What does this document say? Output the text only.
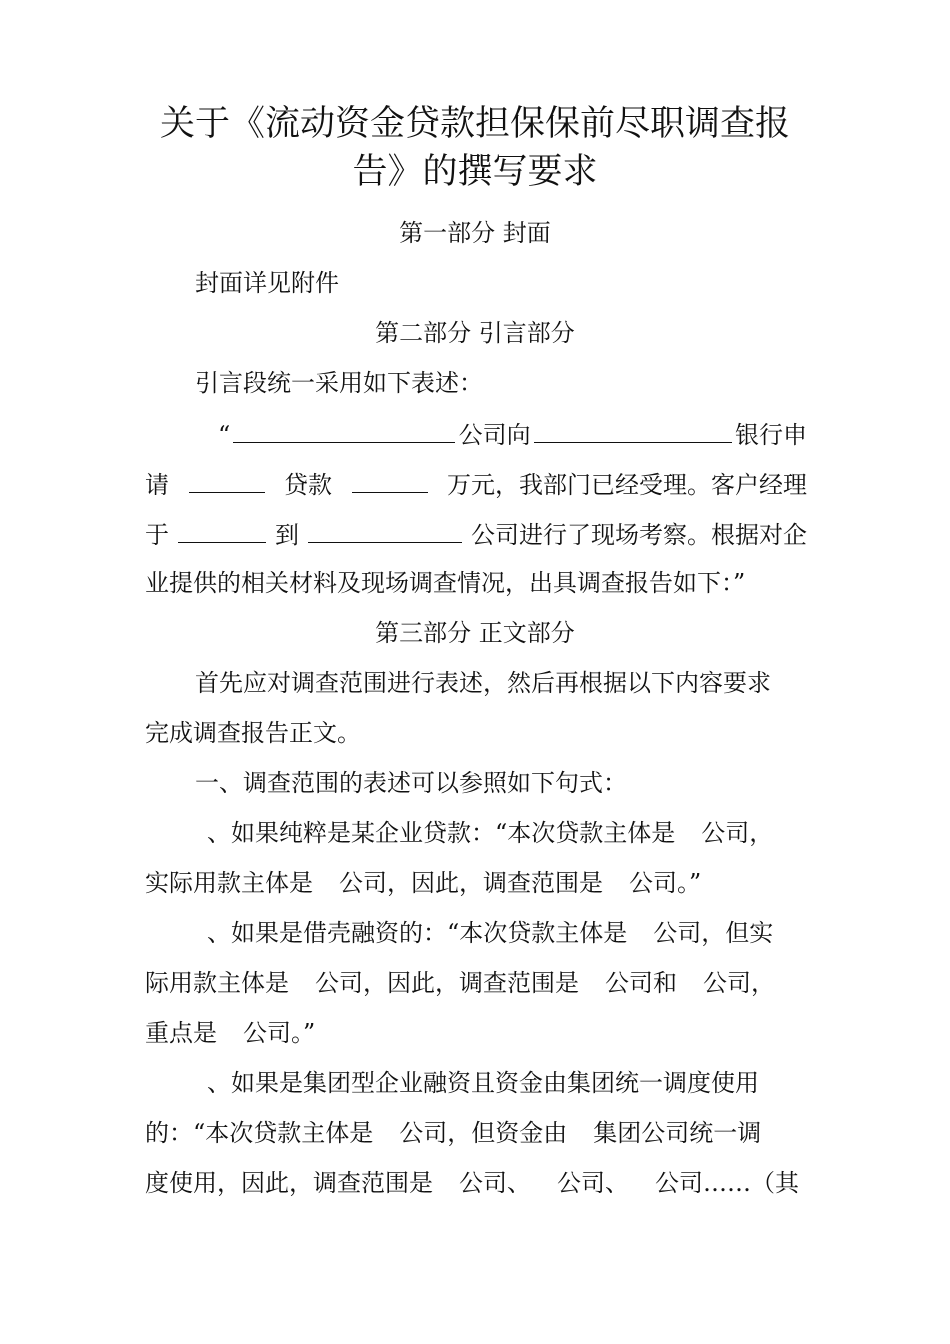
关于《流动资金贷款担保保前尽职调查报
告》的撰写要求
第一部分 封面

封面详见附件

第二部分 引言部分

引言段统一采用如下表述：

“	公司向	银行申

请	贷款	万元，我部门已经受理。客户经理

于	到	公司进行了现场考察。根据对企

业提供的相关材料及现场调查情况，出具调查报告如下：”

第三部分 正文部分

首先应对调查范围进行表述，然后再根据以下内容要求

完成调查报告正文。

一、调查范围的表述可以参照如下句式：

、如果纯粹是某企业贷款：“本次贷款主体是 公司，

实际用款主体是 公司，因此，调查范围是 公司。”

、如果是借壳融资的：“本次贷款主体是 公司，但实

际用款主体是 公司，因此，调查范围是 公司和 公司，

重点是 公司。”

、如果是集团型企业融资且资金由集团统一调度使用

的：“本次贷款主体是 公司，但资金由 集团公司统一调

度使用，因此，调查范围是 公司、 公司、 公司……（其
